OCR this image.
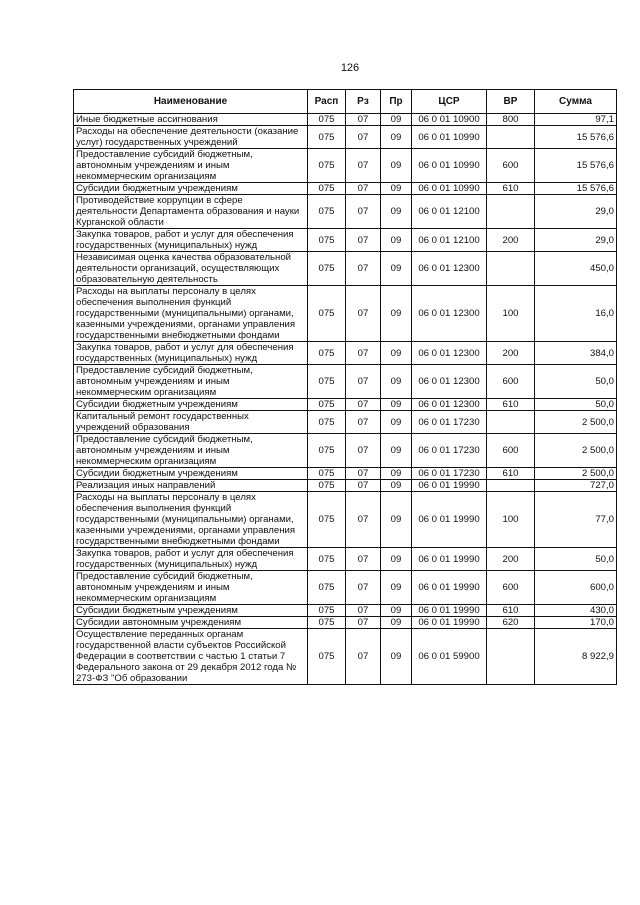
126
Наименование	Расп	Рз	Пр	ЦСР	ВР	Сумма
Иные бюджетные ассигнования	075	07	09	06 0 01 10900	800	97,1
Расходы на обеспечение деятельности (оказание услуг) государственных учреждений	075	07	09	06 0 01 10990		15 576,6
Предоставление субсидий бюджетным, автономным учреждениям и иным некоммерческим организациям	075	07	09	06 0 01 10990	600	15 576,6
Субсидии бюджетным учреждениям	075	07	09	06 0 01 10990	610	15 576,6
Противодействие коррупции в сфере деятельности Департамента образования и науки Курганской области	075	07	09	06 0 01 12100		29,0
Закупка товаров, работ и услуг для обеспечения государственных (муниципальных) нужд	075	07	09	06 0 01 12100	200	29,0
Независимая оценка качества образовательной деятельности организаций, осуществляющих образовательную деятельность	075	07	09	06 0 01 12300		450,0
Расходы на выплаты персоналу в целях обеспечения выполнения функций государственными (муниципальными) органами, казенными учреждениями, органами управления государственными внебюджетными фондами	075	07	09	06 0 01 12300	100	16,0
Закупка товаров, работ и услуг для обеспечения государственных (муниципальных) нужд	075	07	09	06 0 01 12300	200	384,0
Предоставление субсидий бюджетным, автономным учреждениям и иным некоммерческим организациям	075	07	09	06 0 01 12300	600	50,0
Субсидии бюджетным учреждениям	075	07	09	06 0 01 12300	610	50,0
Капитальный ремонт государственных учреждений образования	075	07	09	06 0 01 17230		2 500,0
Предоставление субсидий бюджетным, автономным учреждениям и иным некоммерческим организациям	075	07	09	06 0 01 17230	600	2 500,0
Субсидии бюджетным учреждениям	075	07	09	06 0 01 17230	610	2 500,0
Реализация иных направлений	075	07	09	06 0 01 19990		727,0
Расходы на выплаты персоналу в целях обеспечения выполнения функций государственными (муниципальными) органами, казенными учреждениями, органами управления государственными внебюджетными фондами	075	07	09	06 0 01 19990	100	77,0
Закупка товаров, работ и услуг для обеспечения государственных (муниципальных) нужд	075	07	09	06 0 01 19990	200	50,0
Предоставление субсидий бюджетным, автономным учреждениям и иным некоммерческим организациям	075	07	09	06 0 01 19990	600	600,0
Субсидии бюджетным учреждениям	075	07	09	06 0 01 19990	610	430,0
Субсидии автономным учреждениям	075	07	09	06 0 01 19990	620	170,0
Осуществление переданных органам государственной власти субъектов Российской Федерации в соответствии с частью 1 статьи 7 Федерального закона от 29 декабря 2012 года № 273-ФЗ "Об образовании	075	07	09	06 0 01 59900		8 922,9
